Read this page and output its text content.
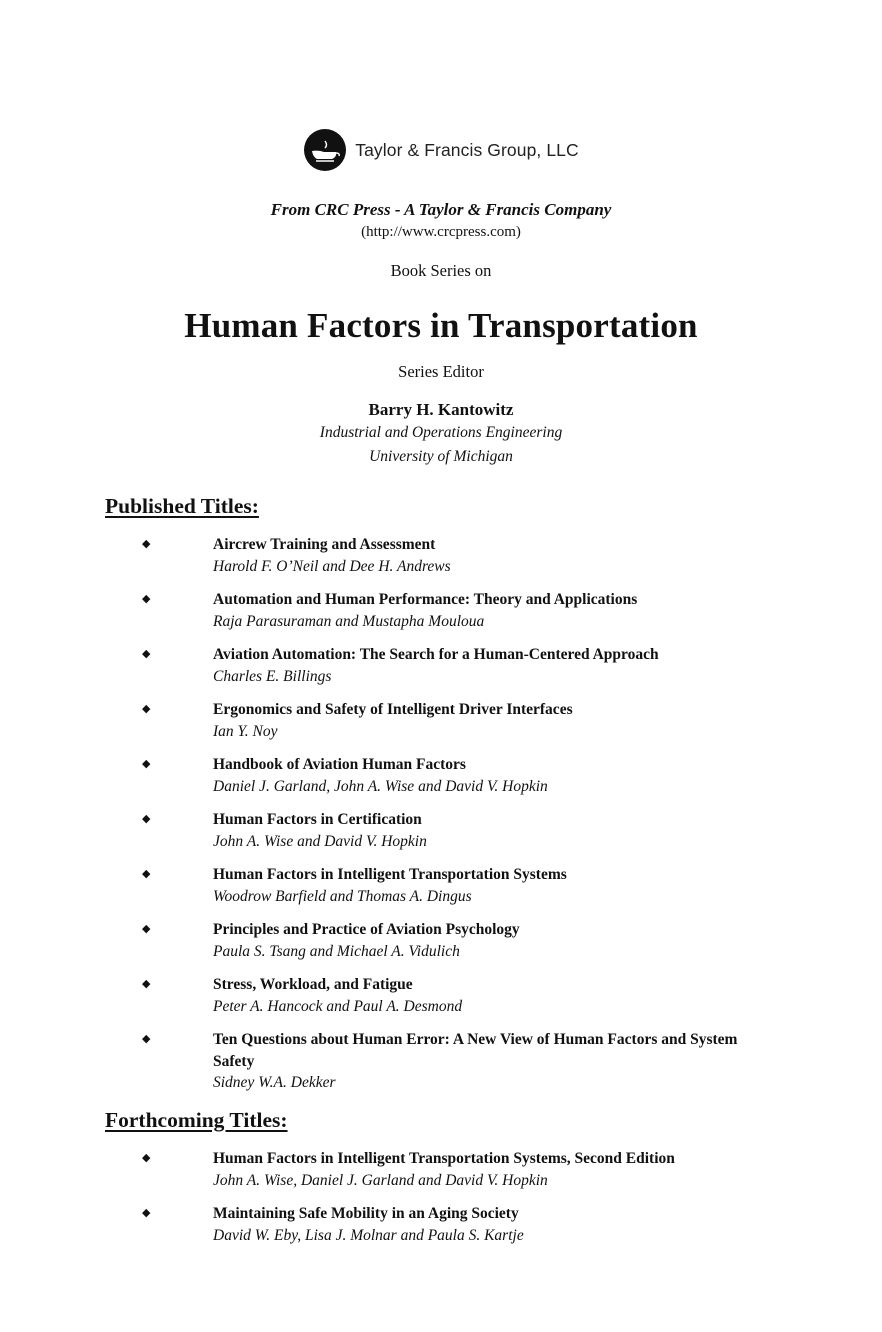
Taylor & Francis Group, LLC
From CRC Press - A Taylor & Francis Company
(http://www.crcpress.com)
Book Series on
Human Factors in Transportation
Series Editor
Barry H. Kantowitz
Industrial and Operations Engineering
University of Michigan
Published Titles:
◆	Aircrew Training and Assessment
Harold F. O’Neil and Dee H. Andrews
◆	Automation and Human Performance: Theory and Applications
Raja Parasuraman and Mustapha Mouloua
◆	Aviation Automation: The Search for a Human-Centered Approach
Charles E. Billings
◆	Ergonomics and Safety of Intelligent Driver Interfaces
Ian Y. Noy
◆	Handbook of Aviation Human Factors
Daniel J. Garland, John A. Wise and David V. Hopkin
◆	Human Factors in Certification
John A. Wise and David V. Hopkin
◆	Human Factors in Intelligent Transportation Systems
Woodrow Barfield and Thomas A. Dingus
◆	Principles and Practice of Aviation Psychology
Paula S. Tsang and Michael A. Vidulich
◆	Stress, Workload, and Fatigue
Peter A. Hancock and Paul A. Desmond
◆	Ten Questions about Human Error: A New View of Human Factors and System Safety
Sidney W.A. Dekker
Forthcoming Titles:
◆	Human Factors in Intelligent Transportation Systems, Second Edition
John A. Wise, Daniel J. Garland and David V. Hopkin
◆	Maintaining Safe Mobility in an Aging Society
David W. Eby, Lisa J. Molnar and Paula S. Kartje
